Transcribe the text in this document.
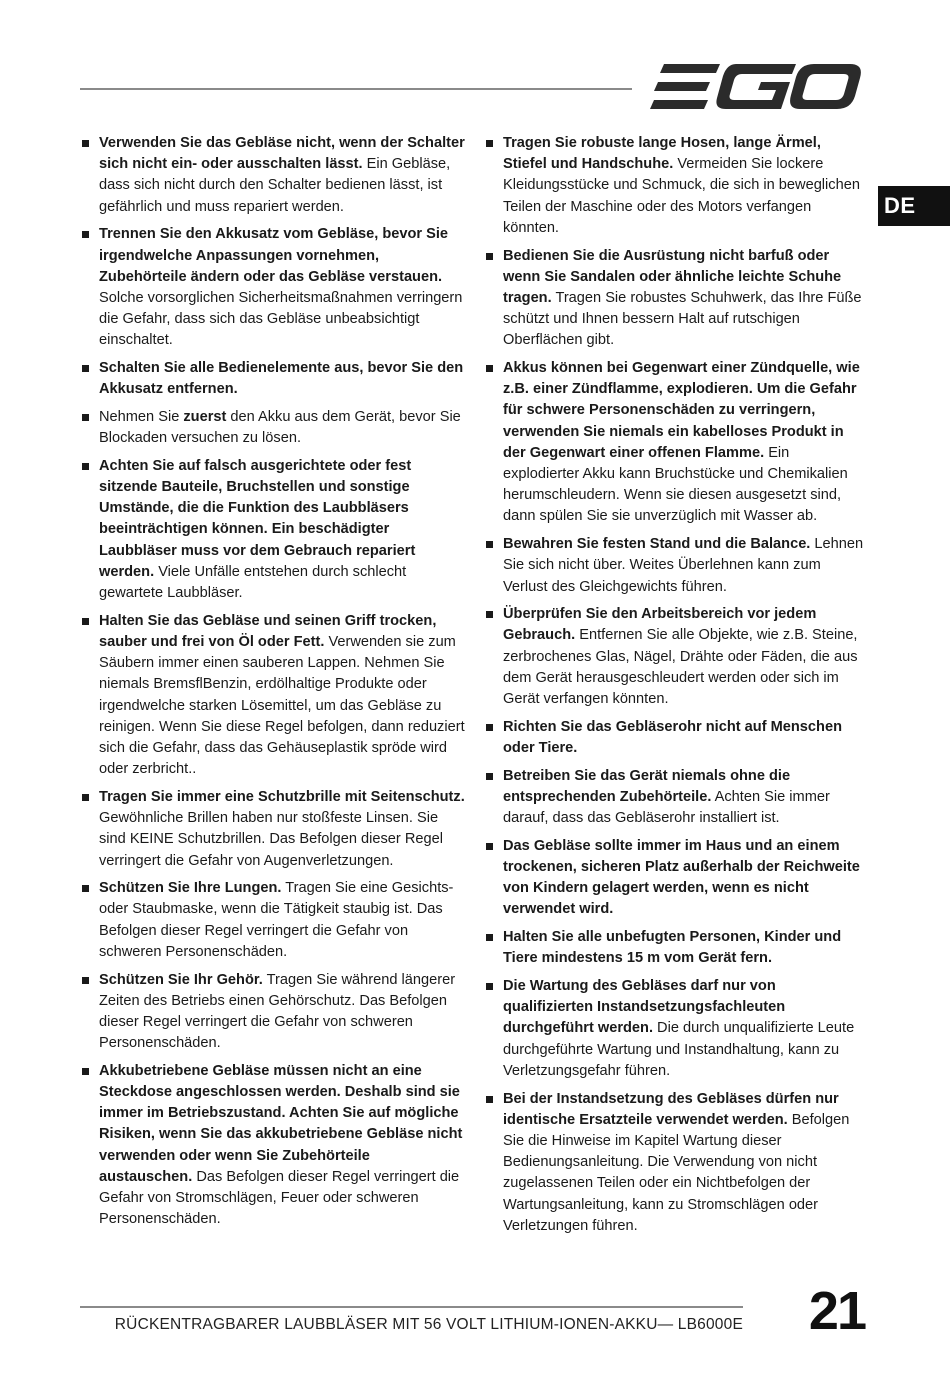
DE
Verwenden Sie das Gebläse nicht, wenn der Schalter sich nicht ein- oder ausschalten lässt. Ein Gebläse, dass sich nicht durch den Schalter bedienen lässt, ist gefährlich und muss repariert werden.
Trennen Sie den Akkusatz vom Gebläse, bevor Sie irgendwelche Anpassungen vornehmen, Zubehörteile ändern oder das Gebläse verstauen. Solche vorsorglichen Sicherheitsmaßnahmen verringern die Gefahr, dass sich das Gebläse unbeabsichtigt einschaltet.
Schalten Sie alle Bedienelemente aus, bevor Sie den Akkusatz entfernen.
Nehmen Sie zuerst den Akku aus dem Gerät, bevor Sie Blockaden versuchen zu lösen.
Achten Sie auf falsch ausgerichtete oder fest sitzende Bauteile, Bruchstellen und sonstige Umstände, die die Funktion des Laubbläsers beeinträchtigen können. Ein beschädigter Laubbläser muss vor dem Gebrauch repariert werden. Viele Unfälle entstehen durch schlecht gewartete Laubbläser.
Halten Sie das Gebläse und seinen Griff trocken, sauber und frei von Öl oder Fett. Verwenden sie zum Säubern immer einen sauberen Lappen. Nehmen Sie niemals BremsflBenzin, erdölhaltige Produkte oder irgendwelche starken Lösemittel, um das Gebläse zu reinigen. Wenn Sie diese Regel befolgen, dann reduziert sich die Gefahr, dass das Gehäuseplastik spröde wird oder zerbricht..
Tragen Sie immer eine Schutzbrille mit Seitenschutz. Gewöhnliche Brillen haben nur stoßfeste Linsen. Sie sind KEINE Schutzbrillen. Das Befolgen dieser Regel verringert die Gefahr von Augenverletzungen.
Schützen Sie Ihre Lungen. Tragen Sie eine Gesichts- oder Staubmaske, wenn die Tätigkeit staubig ist. Das Befolgen dieser Regel verringert die Gefahr von schweren Personenschäden.
Schützen Sie Ihr Gehör. Tragen Sie während längerer Zeiten des Betriebs einen Gehörschutz. Das Befolgen dieser Regel verringert die Gefahr von schweren Personenschäden.
Akkubetriebene Gebläse müssen nicht an eine Steckdose angeschlossen werden. Deshalb sind sie immer im Betriebszustand. Achten Sie auf mögliche Risiken, wenn Sie das akkubetriebene Gebläse nicht verwenden oder wenn Sie Zubehörteile austauschen. Das Befolgen dieser Regel verringert die Gefahr von Stromschlägen, Feuer oder schweren Personenschäden.
Tragen Sie robuste lange Hosen, lange Ärmel, Stiefel und Handschuhe. Vermeiden Sie lockere Kleidungsstücke und Schmuck, die sich in beweglichen Teilen der Maschine oder des Motors verfangen könnten.
Bedienen Sie die Ausrüstung nicht barfuß oder wenn Sie Sandalen oder ähnliche leichte Schuhe tragen. Tragen Sie robustes Schuhwerk, das Ihre Füße schützt und Ihnen bessern Halt auf rutschigen Oberflächen gibt.
Akkus können bei Gegenwart einer Zündquelle, wie z.B. einer Zündflamme, explodieren. Um die Gefahr für schwere Personenschäden zu verringern, verwenden Sie niemals ein kabelloses Produkt in der Gegenwart einer offenen Flamme. Ein explodierter Akku kann Bruchstücke und Chemikalien herumschleudern. Wenn sie diesen ausgesetzt sind, dann spülen Sie sie unverzüglich mit Wasser ab.
Bewahren Sie festen Stand und die Balance. Lehnen Sie sich nicht über. Weites Überlehnen kann zum Verlust des Gleichgewichts führen.
Überprüfen Sie den Arbeitsbereich vor jedem Gebrauch. Entfernen Sie alle Objekte, wie z.B. Steine, zerbrochenes Glas, Nägel, Drähte oder Fäden, die aus dem Gerät herausgeschleudert werden oder sich im Gerät verfangen könnten.
Richten Sie das Gebläserohr nicht auf Menschen oder Tiere.
Betreiben Sie das Gerät niemals ohne die entsprechenden Zubehörteile. Achten Sie immer darauf, dass das Gebläserohr installiert ist.
Das Gebläse sollte immer im Haus und an einem trockenen, sicheren Platz außerhalb der Reichweite von Kindern gelagert werden, wenn es nicht verwendet wird.
Halten Sie alle unbefugten Personen, Kinder und Tiere mindestens 15 m vom Gerät fern.
Die Wartung des Gebläses darf nur von qualifizierten Instandsetzungsfachleuten durchgeführt werden. Die durch unqualifizierte Leute durchgeführte Wartung und Instandhaltung, kann zu Verletzungsgefahr führen.
Bei der Instandsetzung des Gebläses dürfen nur identische Ersatzteile verwendet werden. Befolgen Sie die Hinweise im Kapitel Wartung dieser Bedienungsanleitung. Die Verwendung von nicht zugelassenen Teilen oder ein Nichtbefolgen der Wartungsanleitung, kann zu Stromschlägen oder Verletzungen führen.
RÜCKENTRAGBARER LAUBBLÄSER MIT 56 VOLT LITHIUM-IONEN-AKKU— LB6000E 21
